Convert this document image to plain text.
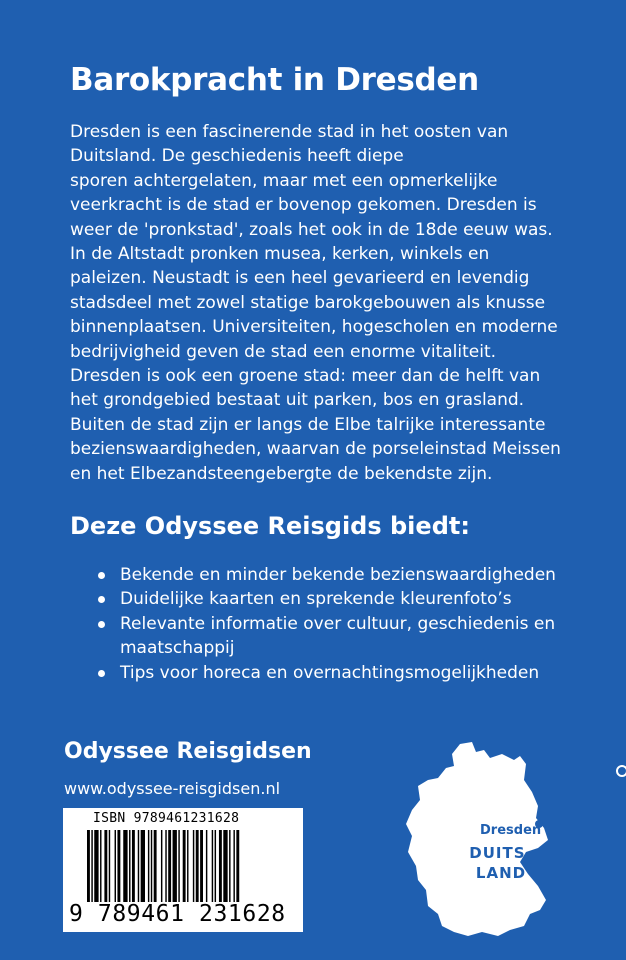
Barokpracht in Dresden

Dresden is een fascinerende stad in het oosten van
Duitsland. De geschiedenis heeft diepe
sporen achtergelaten, maar met een opmerkelijke
veerkracht is de stad er bovenop gekomen. Dresden is
weer de 'pronkstad', zoals het ook in de 18de eeuw was.
In de Altstadt pronken musea, kerken, winkels en
paleizen. Neustadt is een heel gevarieerd en levendig
stadsdeel met zowel statige barokgebouwen als knusse
binnenplaatsen. Universiteiten, hogescholen en moderne
bedrijvigheid geven de stad een enorme vitaliteit.
Dresden is ook een groene stad: meer dan de helft van
het grondgebied bestaat uit parken, bos en grasland.
Buiten de stad zijn er langs de Elbe talrijke interessante
bezienswaardigheden, waarvan de porseleinstad Meissen
en het Elbezandsteengebergte de bekendste zijn.

Deze Odyssee Reisgids biedt:
Bekende en minder bekende bezienswaardigheden
Duidelijke kaarten en sprekende kleurenfoto’s
Relevante informatie over cultuur, geschiedenis en
maatschappij
Tips voor horeca en overnachtingsmogelijkheden
Odyssee Reisgidsen
www.odyssee-reisgidsen.nl
ISBN 9789461231628
9 789461 231628
Dresden
DUITS-
LAND
